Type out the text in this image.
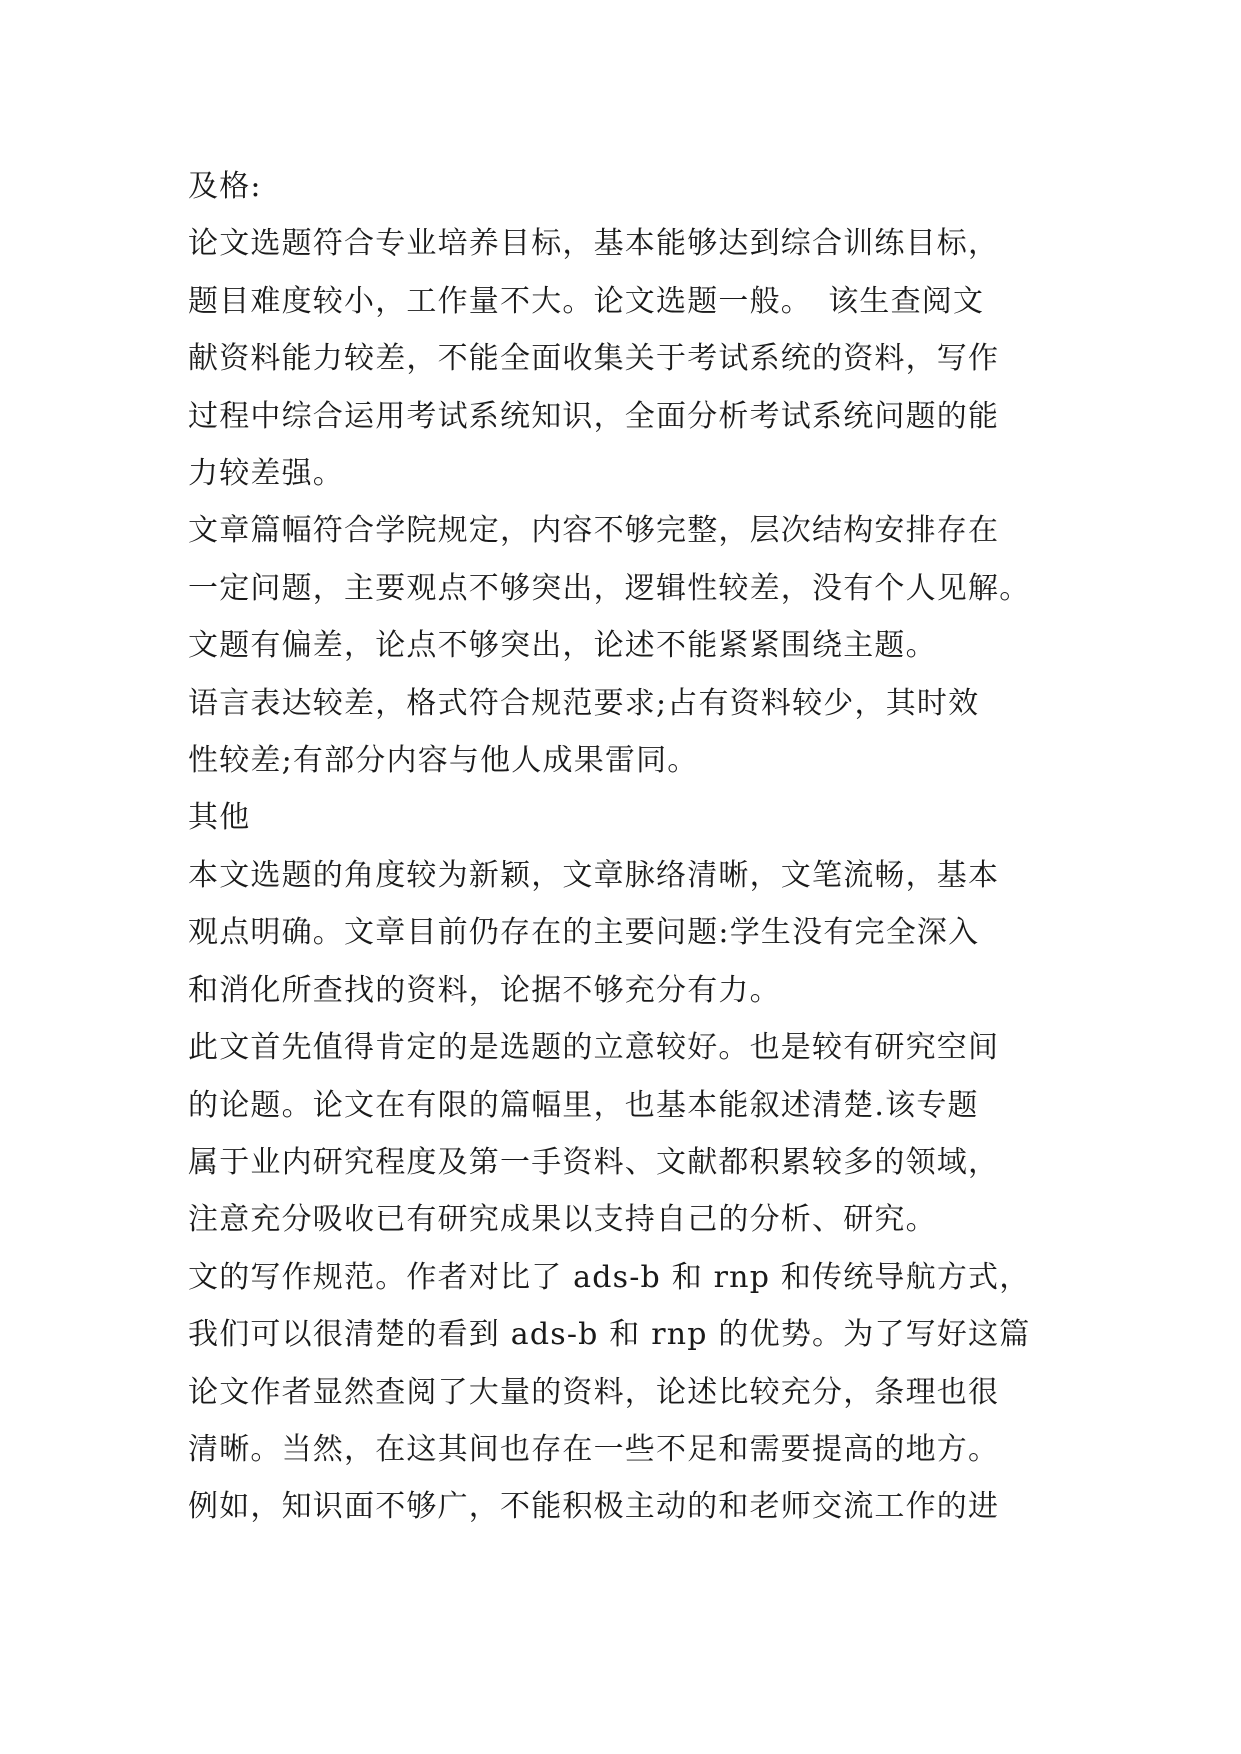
及格:

论文选题符合专业培养目标，基本能够达到综合训练目标，

题目难度较小，工作量不大。论文选题一般。　该生查阅文

献资料能力较差，不能全面收集关于考试系统的资料，写作

过程中综合运用考试系统知识，全面分析考试系统问题的能

力较差强。

文章篇幅符合学院规定，内容不够完整，层次结构安排存在

一定问题，主要观点不够突出，逻辑性较差，没有个人见解。

文题有偏差，论点不够突出，论述不能紧紧围绕主题。

语言表达较差，格式符合规范要求;占有资料较少，其时效

性较差;有部分内容与他人成果雷同。

其他

本文选题的角度较为新颖，文章脉络清晰，文笔流畅，基本

观点明确。文章目前仍存在的主要问题:学生没有完全深入

和消化所查找的资料，论据不够充分有力。

此文首先值得肯定的是选题的立意较好。也是较有研究空间

的论题。论文在有限的篇幅里，也基本能叙述清楚.该专题

属于业内研究程度及第一手资料、文献都积累较多的领域，

注意充分吸收已有研究成果以支持自己的分析、研究。

文的写作规范。作者对比了 ads-b 和 rnp 和传统导航方式，

我们可以很清楚的看到 ads-b 和 rnp 的优势。为了写好这篇

论文作者显然查阅了大量的资料，论述比较充分，条理也很

清晰。当然，在这其间也存在一些不足和需要提高的地方。

例如，知识面不够广，不能积极主动的和老师交流工作的进
